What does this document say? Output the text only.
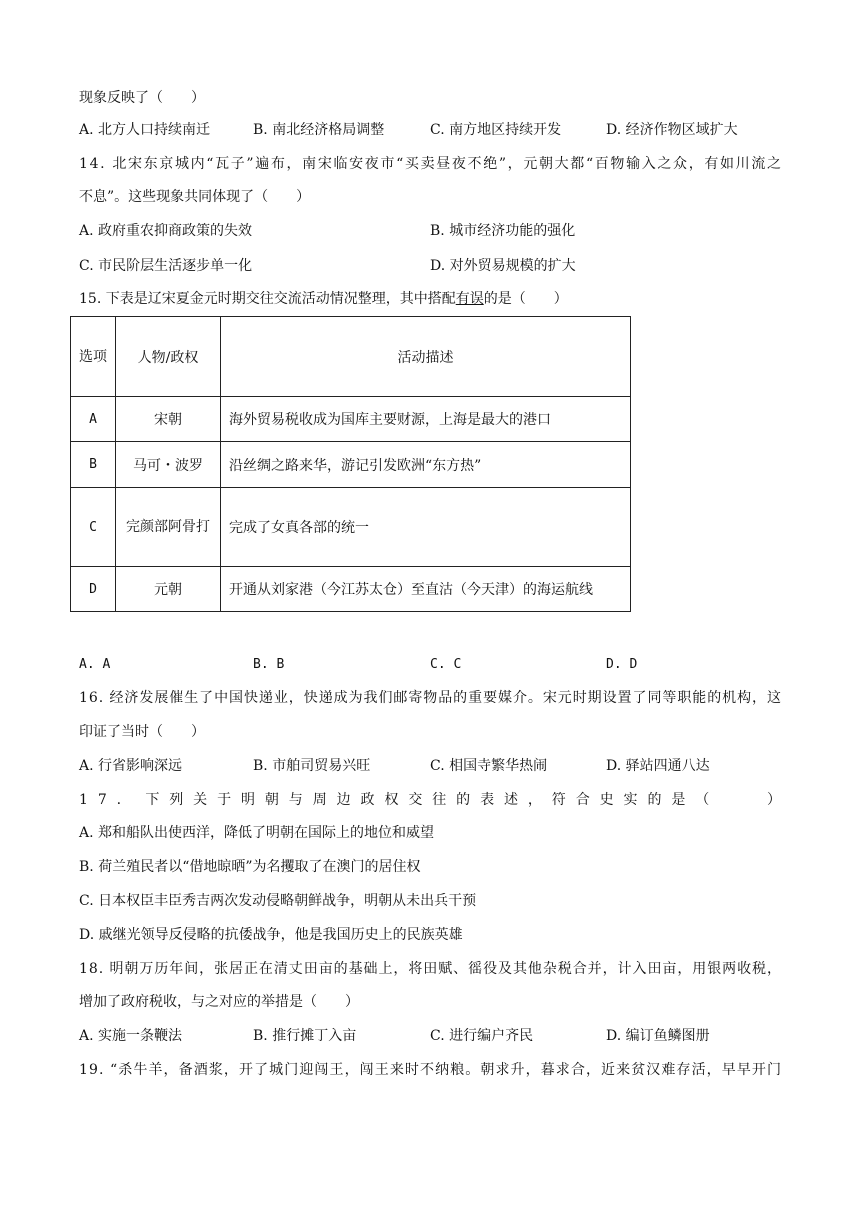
现象反映了（　　）
A. 北方人口持续南迁	B. 南北经济格局调整	C. 南方地区持续开发	D. 经济作物区域扩大
14. 北宋东京城内“瓦子”遍布，南宋临安夜市“买卖昼夜不绝”，元朝大都“百物输入之众，有如川流之
不息”。这些现象共同体现了（　　）
A. 政府重农抑商政策的失效	B. 城市经济功能的强化
C. 市民阶层生活逐步单一化	D. 对外贸易规模的扩大
15. 下表是辽宋夏金元时期交往交流活动情况整理，其中搭配有误的是（　　）
选项	人物/政权	活动描述
A	宋朝	海外贸易税收成为国库主要财源，上海是最大的港口
B	马可・波罗	沿丝绸之路来华，游记引发欧洲“东方热”
C	完颜部阿骨打	完成了女真各部的统一
D	元朝	开通从刘家港（今江苏太仓）至直沽（今天津）的海运航线
A. A	B. B	C. C	D. D
16. 经济发展催生了中国快递业，快递成为我们邮寄物品的重要媒介。宋元时期设置了同等职能的机构，这
印证了当时（　　）
A. 行省影响深远	B. 市舶司贸易兴旺	C. 相国寺繁华热闹	D. 驿站四通八达
17. 下列关于明朝与周边政权交往的表述，符合史实的是（　　）
A. 郑和船队出使西洋，降低了明朝在国际上的地位和威望
B. 荷兰殖民者以“借地晾晒”为名攫取了在澳门的居住权
C. 日本权臣丰臣秀吉两次发动侵略朝鲜战争，明朝从未出兵干预
D. 戚继光领导反侵略的抗倭战争，他是我国历史上的民族英雄
18. 明朝万历年间，张居正在清丈田亩的基础上，将田赋、徭役及其他杂税合并，计入田亩，用银两收税，
增加了政府税收，与之对应的举措是（　　）
A. 实施一条鞭法	B. 推行摊丁入亩	C. 进行编户齐民	D. 编订鱼鳞图册
19. “杀牛羊，备酒浆，开了城门迎闯王，闯王来时不纳粮。朝求升，暮求合，近来贫汉难存活，早早开门
